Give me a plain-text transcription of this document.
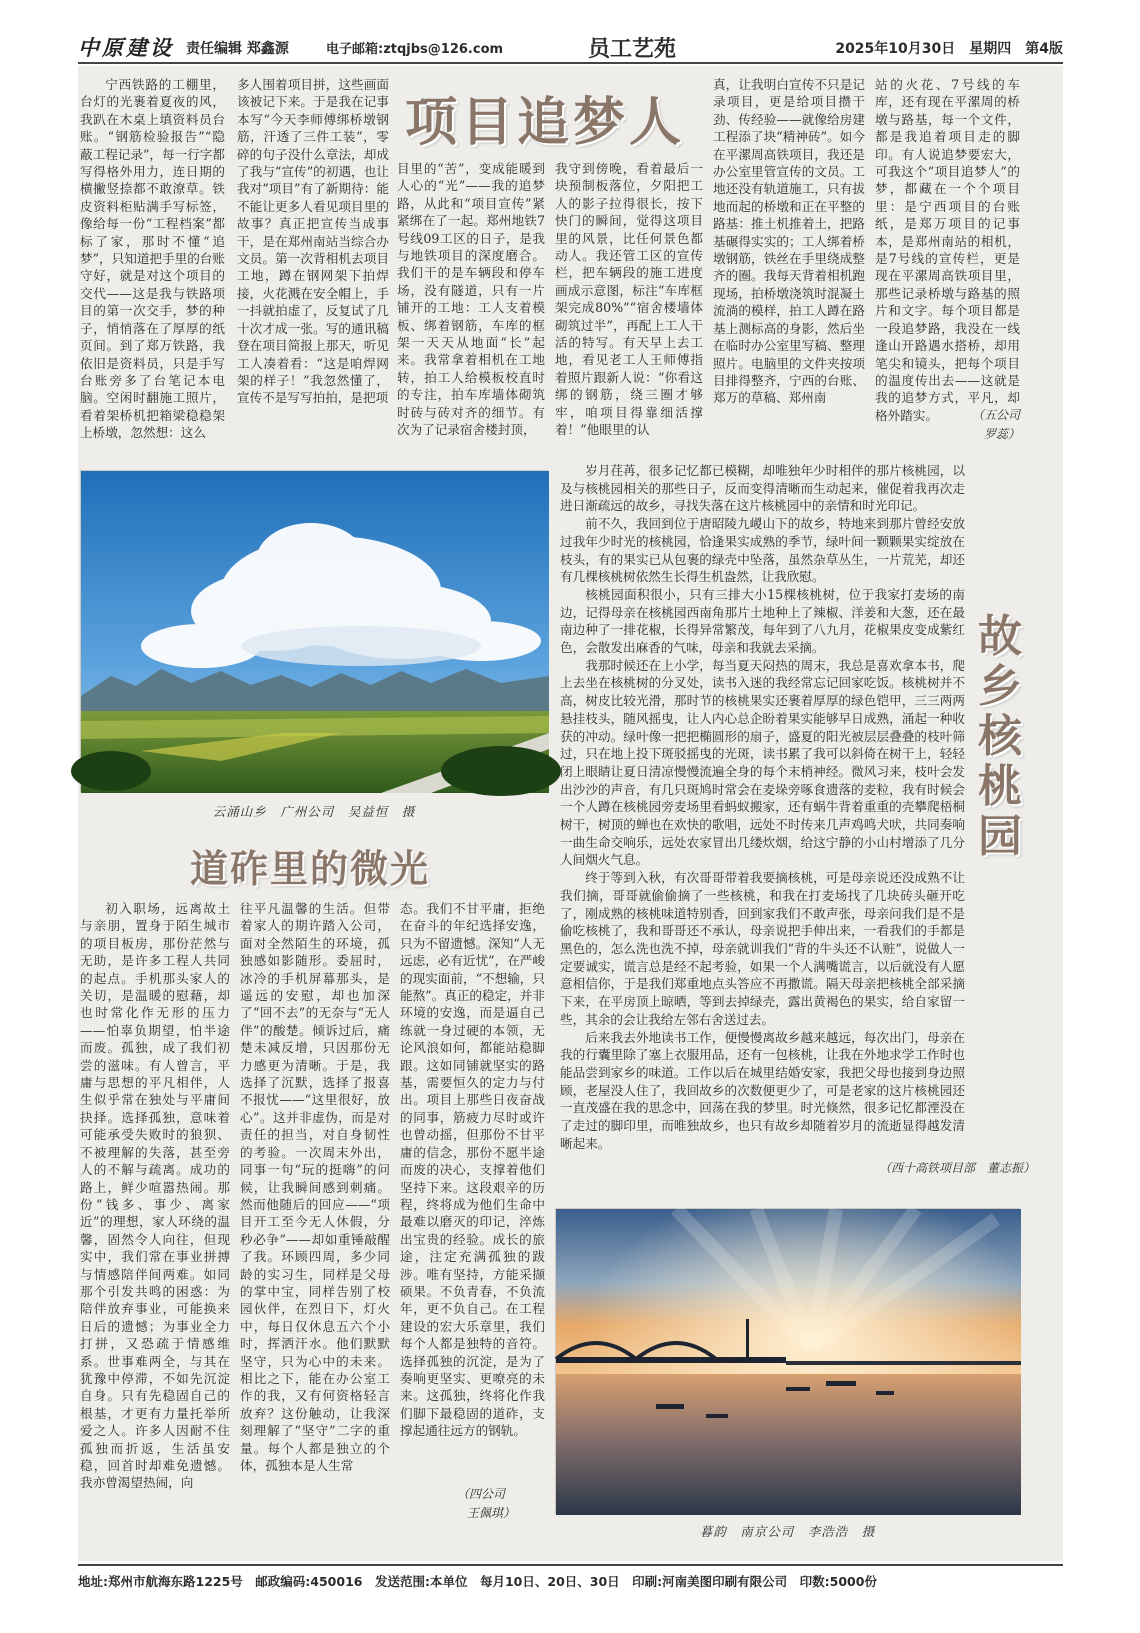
中原建设 责任编辑 郑鑫源	电子邮箱:ztqjbs@126.com	员工艺苑	2025年10月30日　星期四　第4版
项目追梦人

宁西铁路的工棚里，台灯的光裹着夏夜的风，我趴在木桌上填资料员台账。“钢筋检验报告”“隐蔽工程记录”，每一行字都写得格外用力，连日期的横撇竖捺都不敢潦草。铁皮资料柜贴满手写标签，像给每一份“工程档案”都标了家，那时不懂“追梦”，只知道把手里的台账守好，就是对这个项目的交代——这是我与铁路项目的第一次交手，梦的种子，悄悄落在了厚厚的纸页间。到了郑万铁路，我依旧是资料员，只是手写台账旁多了台笔记本电脑。空闲时翻施工照片，看着架桥机把箱梁稳稳架上桥墩，忽然想：这么

多人围着项目拼，这些画面该被记下来。于是我在记事本写“今天李师傅绑桥墩钢筋，汗透了三件工装”，零碎的句子没什么章法，却成了我与“宣传”的初遇，也让我对“项目”有了新期待：能不能让更多人看见项目里的故事？真正把宣传当成事干，是在郑州南站当综合办文员。第一次背相机去项目工地，蹲在钢网架下拍焊接，火花溅在安全帽上，手一抖就拍虚了，反复试了几十次才成一张。写的通讯稿登在项目简报上那天，听见工人凑着看：“这是咱焊网架的样子！”我忽然懂了，宣传不是写写拍拍，是把项

目里的“苦”，变成能暖到人心的“光”——我的追梦路，从此和“项目宣传”紧紧绑在了一起。郑州地铁7号线09工区的日子，是我与地铁项目的深度磨合。我们干的是车辆段和停车场，没有隧道，只有一片铺开的工地：工人支着模板、绑着钢筋，车库的框架一天天从地面“长”起来。我常拿着相机在工地转，拍工人给模板校直时的专注，拍车库墙体砌筑时砖与砖对齐的细节。有次为了记录宿舍楼封顶，

我守到傍晚，看着最后一块预制板落位，夕阳把工人的影子拉得很长，按下快门的瞬间，觉得这项目里的风景，比任何景色都动人。我还管工区的宣传栏，把车辆段的施工进度画成示意图，标注“车库框架完成80%”“宿舍楼墙体砌筑过半”，再配上工人干活的特写。有天早上去工地，看见老工人王师傅指着照片跟新人说：“你看这绑的钢筋，绕三圈才够牢，咱项目得靠细活撑着！”他眼里的认

真，让我明白宣传不只是记录项目，更是给项目攒干劲、传经验——就像给房建工程添了块“精神砖”。如今在平漯周高铁项目，我还是办公室里管宣传的文员。工地还没有轨道施工，只有拔地而起的桥墩和正在平整的路基：推土机推着土，把路基碾得实实的；工人绑着桥墩钢筋，铁丝在手里绕成整齐的圈。我每天背着相机跑现场，拍桥墩浇筑时混凝土流淌的模样，拍工人蹲在路基上测标高的身影，然后坐在临时办公室里写稿、整理照片。电脑里的文件夹按项目排得整齐，宁西的台账、郑万的草稿、郑州南

站的火花、7号线的车库，还有现在平漯周的桥墩与路基，每一个文件，都是我追着项目走的脚印。有人说追梦要宏大，可我这个“项目追梦人”的梦，都藏在一个个项目里：是宁西项目的台账纸，是郑万项目的记事本，是郑州南站的相机，是7号线的宣传栏，更是现在平漯周高铁项目里，那些记录桥墩与路基的照片和文字。每个项目都是一段追梦路，我没在一线逢山开路遇水搭桥，却用笔尖和镜头，把每个项目的温度传出去——这就是我的追梦方式，平凡，却格外踏实。	（五公司
罗蕊）
云涌山乡　广州公司　吴益恒　摄
故乡核桃园

岁月荏苒，很多记忆都已模糊，却唯独年少时相伴的那片核桃园，以及与核桃园相关的那些日子，反而变得清晰而生动起来，催促着我再次走进日渐疏远的故乡，寻找失落在这片核桃园中的亲情和时光印记。

前不久，我回到位于唐昭陵九嵕山下的故乡，特地来到那片曾经安放过我年少时光的核桃园，恰逢果实成熟的季节，绿叶间一颗颗果实绽放在枝头，有的果实已从包裹的绿壳中坠落，虽然杂草丛生，一片荒芜，却还有几棵核桃树依然生长得生机盎然，让我欣慰。

核桃园面积很小，只有三排大小15棵核桃树，位于我家打麦场的南边，记得母亲在核桃园西南角那片土地种上了辣椒、洋姜和大葱，还在最南边种了一排花椒，长得异常繁茂，每年到了八九月，花椒果皮变成紫红色，会散发出麻香的气味，母亲和我就去采摘。

我那时候还在上小学，每当夏天闷热的周末，我总是喜欢拿本书，爬上去坐在核桃树的分叉处，读书入迷的我经常忘记回家吃饭。核桃树并不高，树皮比较光滑，那时节的核桃果实还裹着厚厚的绿色铠甲，三三两两悬挂枝头，随风摇曳，让人内心总企盼着果实能够早日成熟，涌起一种收获的冲动。绿叶像一把把椭圆形的扇子，盛夏的阳光被层层叠叠的枝叶筛过，只在地上投下斑驳摇曳的光斑，读书累了我可以斜倚在树干上，轻轻闭上眼睛让夏日清凉慢慢流遍全身的每个末梢神经。微风习来，枝叶会发出沙沙的声音，有几只斑鸠时常会在麦垛旁啄食遗落的麦粒，我有时候会一个人蹲在核桃园旁麦场里看蚂蚁搬家，还有蜗牛背着重重的壳攀爬梧桐树干，树顶的蝉也在欢快的歌唱，远处不时传来几声鸡鸣犬吠，共同奏响一曲生命交响乐，远处农家冒出几缕炊烟，给这宁静的小山村增添了几分人间烟火气息。

终于等到入秋，有次哥哥带着我要摘核桃，可是母亲说还没成熟不让我们摘，哥哥就偷偷摘了一些核桃，和我在打麦场找了几块砖头砸开吃了，刚成熟的核桃味道特别香，回到家我们不敢声张，母亲问我们是不是偷吃核桃了，我和哥哥还不承认，母亲说把手伸出来，一看我们的手都是黑色的，怎么洗也洗不掉，母亲就训我们“背的牛头还不认赃”，说做人一定要诚实，谎言总是经不起考验，如果一个人满嘴谎言，以后就没有人愿意相信你，于是我们郑重地点头答应不再撒谎。隔天母亲把核桃全部采摘下来，在平房顶上晾晒，等到去掉绿壳，露出黄褐色的果实，给自家留一些，其余的会让我给左邻右舍送过去。

后来我去外地读书工作，便慢慢离故乡越来越远，每次出门，母亲在我的行囊里除了塞上衣服用品，还有一包核桃，让我在外地求学工作时也能品尝到家乡的味道。工作以后在城里结婚安家，我把父母也接到身边照顾，老屋没人住了，我回故乡的次数便更少了，可是老家的这片核桃园还一直茂盛在我的思念中，回荡在我的梦里。时光倏然，很多记忆都湮没在了走过的脚印里，而唯独故乡，也只有故乡却随着岁月的流逝显得越发清晰起来。

（西十高铁项目部　董志振）
道砟里的微光

初入职场，远离故土与亲朋，置身于陌生城市的项目板房，那份茫然与无助，是许多工程人共同的起点。手机那头家人的关切，是温暖的慰藉，却也时常化作无形的压力——怕辜负期望，怕半途而废。孤独，成了我们初尝的滋味。有人曾言，平庸与思想的平凡相伴，人生似乎常在独处与平庸间抉择。选择孤独，意味着可能承受失败时的狼狈、不被理解的失落，甚至旁人的不解与疏离。成功的路上，鲜少喧嚣热闹。那份“钱多、事少、离家近”的理想，家人环绕的温馨，固然令人向往，但现实中，我们常在事业拼搏与情感陪伴间两难。如同那个引发共鸣的困惑：为陪伴放弃事业，可能换来日后的遗憾；为事业全力打拼，又恐疏于情感维系。世事难两全，与其在犹豫中停滞，不如先沉淀自身。只有先稳固自己的根基，才更有力量托举所爱之人。许多人因耐不住孤独而折返，生活虽安稳，回首时却难免遗憾。我亦曾渴望热闹，向

往平凡温馨的生活。但带着家人的期许踏入公司，面对全然陌生的环境，孤独感如影随形。委屈时，冰冷的手机屏幕那头，是遥远的安慰，却也加深了“回不去”的无奈与“无人伴”的酸楚。倾诉过后，痛楚未减反增，只因那份无力感更为清晰。于是，我选择了沉默，选择了报喜不报忧——“这里很好，放心”。这并非虚伪，而是对责任的担当，对自身韧性的考验。一次周末外出，同事一句“玩的挺嗨”的问候，让我瞬间感到刺痛。然而他随后的回应——“项目开工至今无人休假，分秒必争”——却如重锤敲醒了我。环顾四周，多少同龄的实习生，同样是父母的掌中宝，同样告别了校园伙伴，在烈日下，灯火中，每日仅休息五六个小时，挥洒汗水。他们默默坚守，只为心中的未来。相比之下，能在办公室工作的我，又有何资格轻言放弃？这份触动，让我深刻理解了“坚守”二字的重量。每个人都是独立的个体，孤独本是人生常

态。我们不甘平庸，拒绝在奋斗的年纪选择安逸，只为不留遗憾。深知“人无远虑，必有近忧”，在严峻的现实面前，“不想输，只能熬”。真正的稳定，并非环境的安逸，而是逼自己练就一身过硬的本领，无论风浪如何，都能站稳脚跟。这如同铺就坚实的路基，需要恒久的定力与付出。项目上那些日夜奋战的同事，筋疲力尽时或许也曾动摇，但那份不甘平庸的信念，那份不愿半途而废的决心，支撑着他们坚持下来。这段艰辛的历程，终将成为他们生命中最难以磨灭的印记，淬炼出宝贵的经验。成长的旅途，注定充满孤独的跋涉。唯有坚持，方能采撷硕果。不负青春，不负流年，更不负自己。在工程建设的宏大乐章里，我们每个人都是独特的音符。选择孤独的沉淀，是为了奏响更坚实、更嘹亮的未来。这孤独，终将化作我们脚下最稳固的道砟，支撑起通往远方的钢轨。

（四公司
王佩琪）
暮韵　南京公司　李浩浩　摄
地址:郑州市航海东路1225号　邮政编码:450016　发送范围:本单位　每月10日、20日、30日　印刷:河南美图印刷有限公司　印数:5000份
